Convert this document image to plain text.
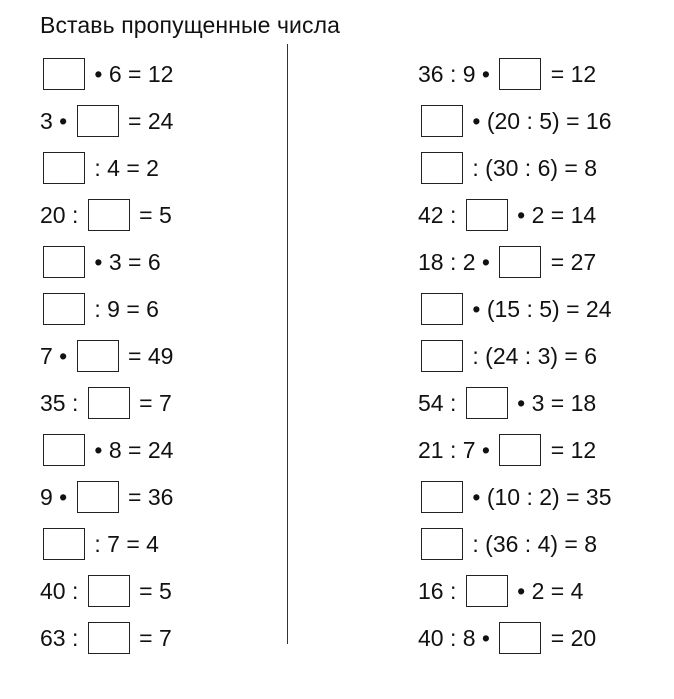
Вставь пропущенные числа
• 6 = 12
3 • = 24
: 4 = 2
20 : = 5
• 3 = 6
: 9 = 6
7 • = 49
35 : = 7
• 8 = 24
9 • = 36
: 7 = 4
40 : = 5
63 : = 7
36 : 9 • = 12
• (20 : 5) = 16
: (30 : 6) = 8
42 : • 2 = 14
18 : 2 • = 27
• (15 : 5) = 24
: (24 : 3) = 6
54 : • 3 = 18
21 : 7 • = 12
• (10 : 2) = 35
: (36 : 4) = 8
16 : • 2 = 4
40 : 8 • = 20
